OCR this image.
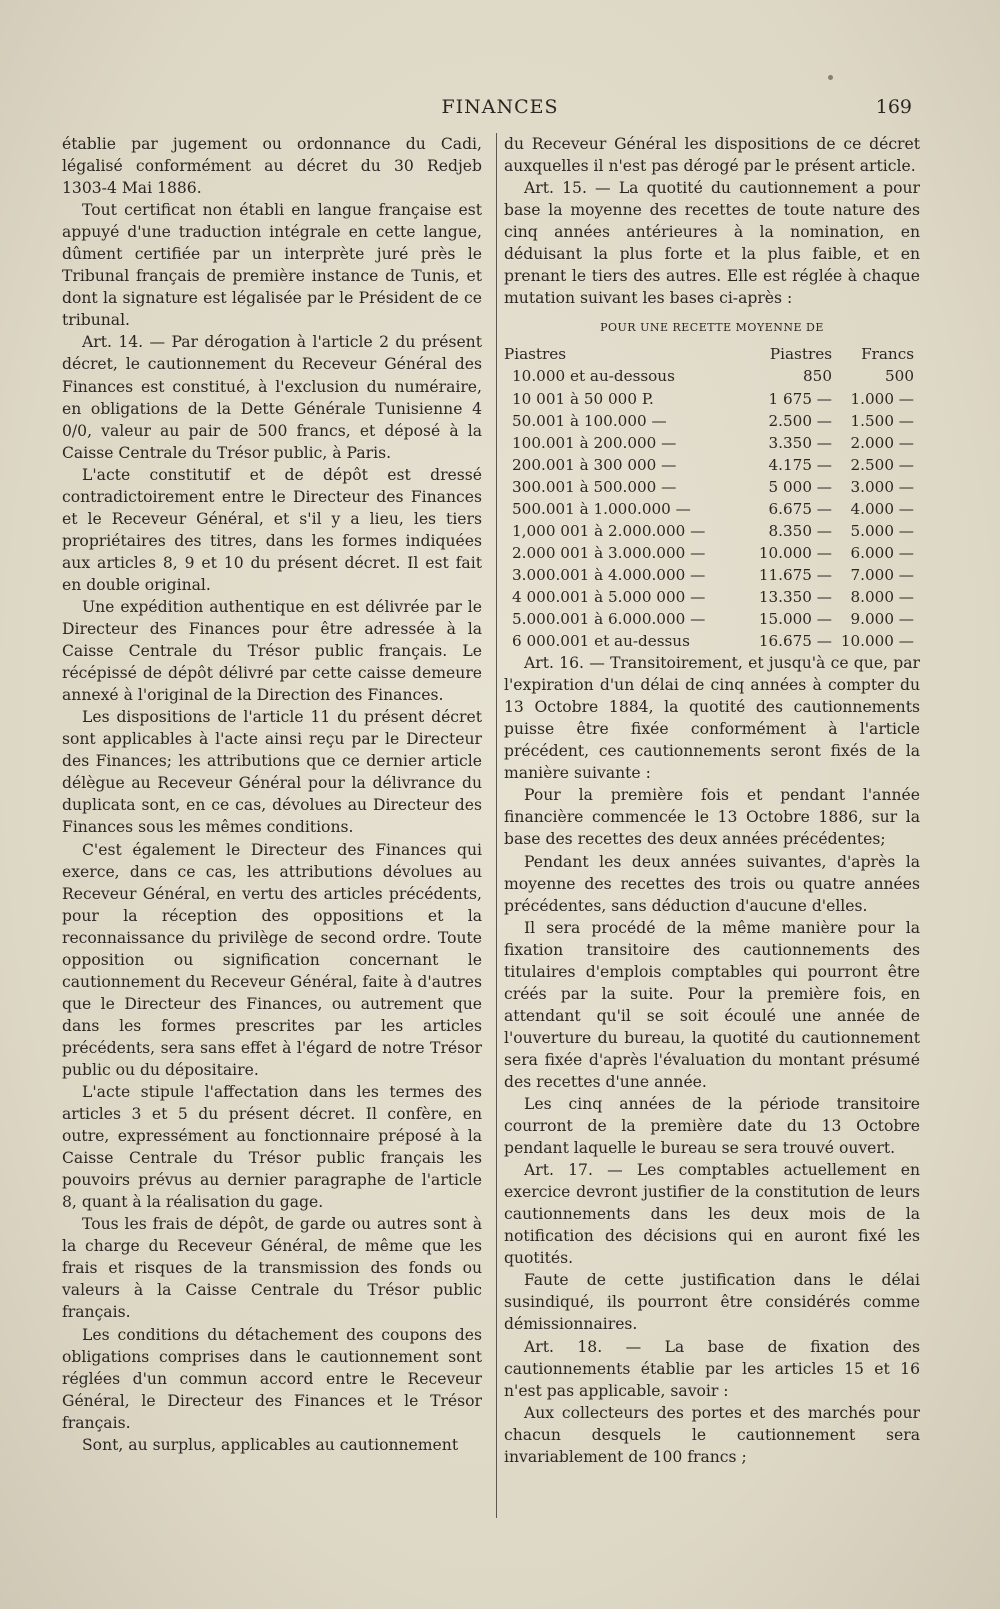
FINANCES	169

établie par jugement ou ordonnance du Cadi, légalisé conformément au décret du 30 Redjeb 1303-4 Mai 1886.

Tout certificat non établi en langue française est appuyé d'une traduction intégrale en cette langue, dûment certifiée par un interprète juré près le Tribunal français de première instance de Tunis, et dont la signature est légalisée par le Président de ce tribunal.

Art. 14. — Par dérogation à l'article 2 du présent décret, le cautionnement du Receveur Général des Finances est constitué, à l'exclusion du numéraire, en obligations de la Dette Générale Tunisienne 4 0/0, valeur au pair de 500 francs, et déposé à la Caisse Centrale du Trésor public, à Paris.

L'acte constitutif et de dépôt est dressé contradictoirement entre le Directeur des Finances et le Receveur Général, et s'il y a lieu, les tiers propriétaires des titres, dans les formes indiquées aux articles 8, 9 et 10 du présent décret. Il est fait en double original.

Une expédition authentique en est délivrée par le Directeur des Finances pour être adressée à la Caisse Centrale du Trésor public français. Le récépissé de dépôt délivré par cette caisse demeure annexé à l'original de la Direction des Finances.

Les dispositions de l'article 11 du présent décret sont applicables à l'acte ainsi reçu par le Directeur des Finances; les attributions que ce dernier article délègue au Receveur Général pour la délivrance du duplicata sont, en ce cas, dévolues au Directeur des Finances sous les mêmes conditions.

C'est également le Directeur des Finances qui exerce, dans ce cas, les attributions dévolues au Receveur Général, en vertu des articles précédents, pour la réception des oppositions et la reconnaissance du privilège de second ordre. Toute opposition ou signification concernant le cautionnement du Receveur Général, faite à d'autres que le Directeur des Finances, ou autrement que dans les formes prescrites par les articles précédents, sera sans effet à l'égard de notre Trésor public ou du dépositaire.

L'acte stipule l'affectation dans les termes des articles 3 et 5 du présent décret. Il confère, en outre, expressément au fonctionnaire préposé à la Caisse Centrale du Trésor public français les pouvoirs prévus au dernier paragraphe de l'article 8, quant à la réalisation du gage.

Tous les frais de dépôt, de garde ou autres sont à la charge du Receveur Général, de même que les frais et risques de la transmission des fonds ou valeurs à la Caisse Centrale du Trésor public français.

Les conditions du détachement des coupons des obligations comprises dans le cautionnement sont réglées d'un commun accord entre le Receveur Général, le Directeur des Finances et le Trésor français.

Sont, au surplus, applicables au cautionnement

du Receveur Général les dispositions de ce décret auxquelles il n'est pas dérogé par le présent article.

Art. 15. — La quotité du cautionnement a pour base la moyenne des recettes de toute nature des cinq années antérieures à la nomination, en déduisant la plus forte et la plus faible, et en prenant le tiers des autres. Elle est réglée à chaque mutation suivant les bases ci-après :

POUR UNE RECETTE MOYENNE DE
Piastres	Piastres	Francs
10.000 et au-dessous	850	500
10 001 à 50 000 P.	1 675 —	1.000 —
50.001 à 100.000 —	2.500 —	1.500 —
100.001 à 200.000 —	3.350 —	2.000 —
200.001 à 300 000 —	4.175 —	2.500 —
300.001 à 500.000 —	5 000 —	3.000 —
500.001 à 1.000.000 —	6.675 —	4.000 —
1,000 001 à 2.000.000 —	8.350 —	5.000 —
2.000 001 à 3.000.000 —	10.000 —	6.000 —
3.000.001 à 4.000.000 —	11.675 —	7.000 —
4 000.001 à 5.000 000 —	13.350 —	8.000 —
5.000.001 à 6.000.000 —	15.000 —	9.000 —
6 000.001 et au-dessus	16.675 —	10.000 —

Art. 16. — Transitoirement, et jusqu'à ce que, par l'expiration d'un délai de cinq années à compter du 13 Octobre 1884, la quotité des cautionnements puisse être fixée conformément à l'article précédent, ces cautionnements seront fixés de la manière suivante :

Pour la première fois et pendant l'année financière commencée le 13 Octobre 1886, sur la base des recettes des deux années précédentes;

Pendant les deux années suivantes, d'après la moyenne des recettes des trois ou quatre années précédentes, sans déduction d'aucune d'elles.

Il sera procédé de la même manière pour la fixation transitoire des cautionnements des titulaires d'emplois comptables qui pourront être créés par la suite. Pour la première fois, en attendant qu'il se soit écoulé une année de l'ouverture du bureau, la quotité du cautionnement sera fixée d'après l'évaluation du montant présumé des recettes d'une année.

Les cinq années de la période transitoire courront de la première date du 13 Octobre pendant laquelle le bureau se sera trouvé ouvert.

Art. 17. — Les comptables actuellement en exercice devront justifier de la constitution de leurs cautionnements dans les deux mois de la notification des décisions qui en auront fixé les quotités.

Faute de cette justification dans le délai susindiqué, ils pourront être considérés comme démissionnaires.

Art. 18. — La base de fixation des cautionnements établie par les articles 15 et 16 n'est pas applicable, savoir :

Aux collecteurs des portes et des marchés pour chacun desquels le cautionnement sera invariablement de 100 francs ;
